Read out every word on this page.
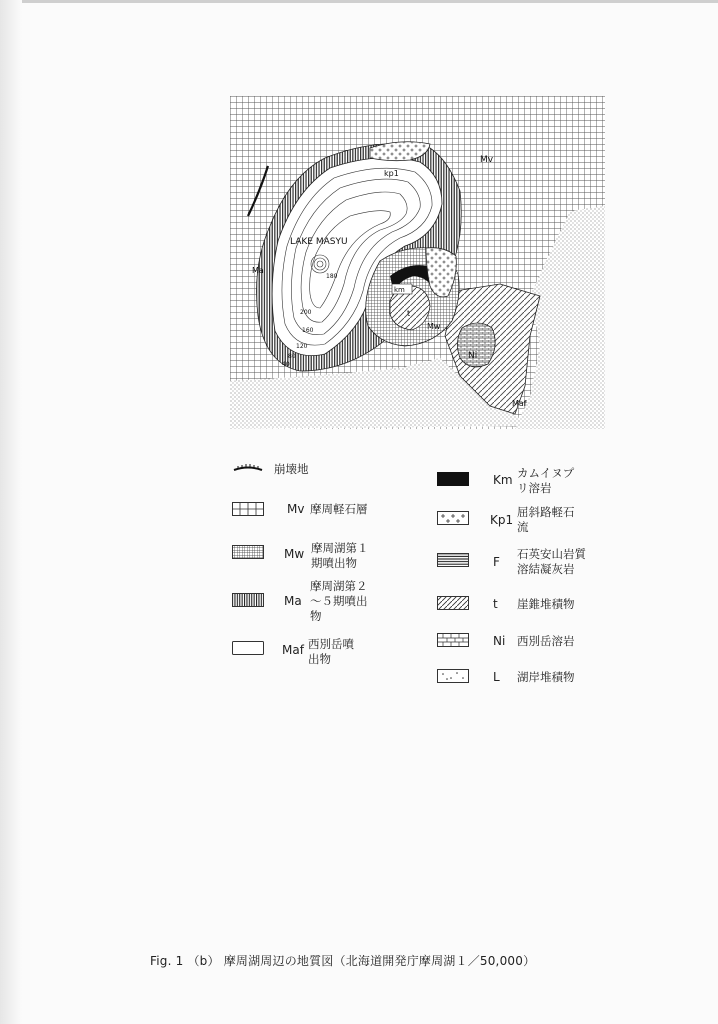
Mv
kp1
LAKE MASYU
Ma
km
t
Mw
Ni
Maf
180
200
160
120
80
40
崩壊地
Mv 摩周軽石層
Mw 摩周湖第１
期噴出物
Ma
摩周湖第２
～５期噴出
物
Maf 西別岳噴
出物
Km カムイヌプ
リ溶岩
Kp1
屈斜路軽石
流
F
石英安山岩質
溶結凝灰岩
t 崖錐堆積物
Ni 西別岳溶岩
L 湖岸堆積物
Fig. 1 （b） 摩周湖周辺の地質図（北海道開発庁摩周湖１／50,000）
